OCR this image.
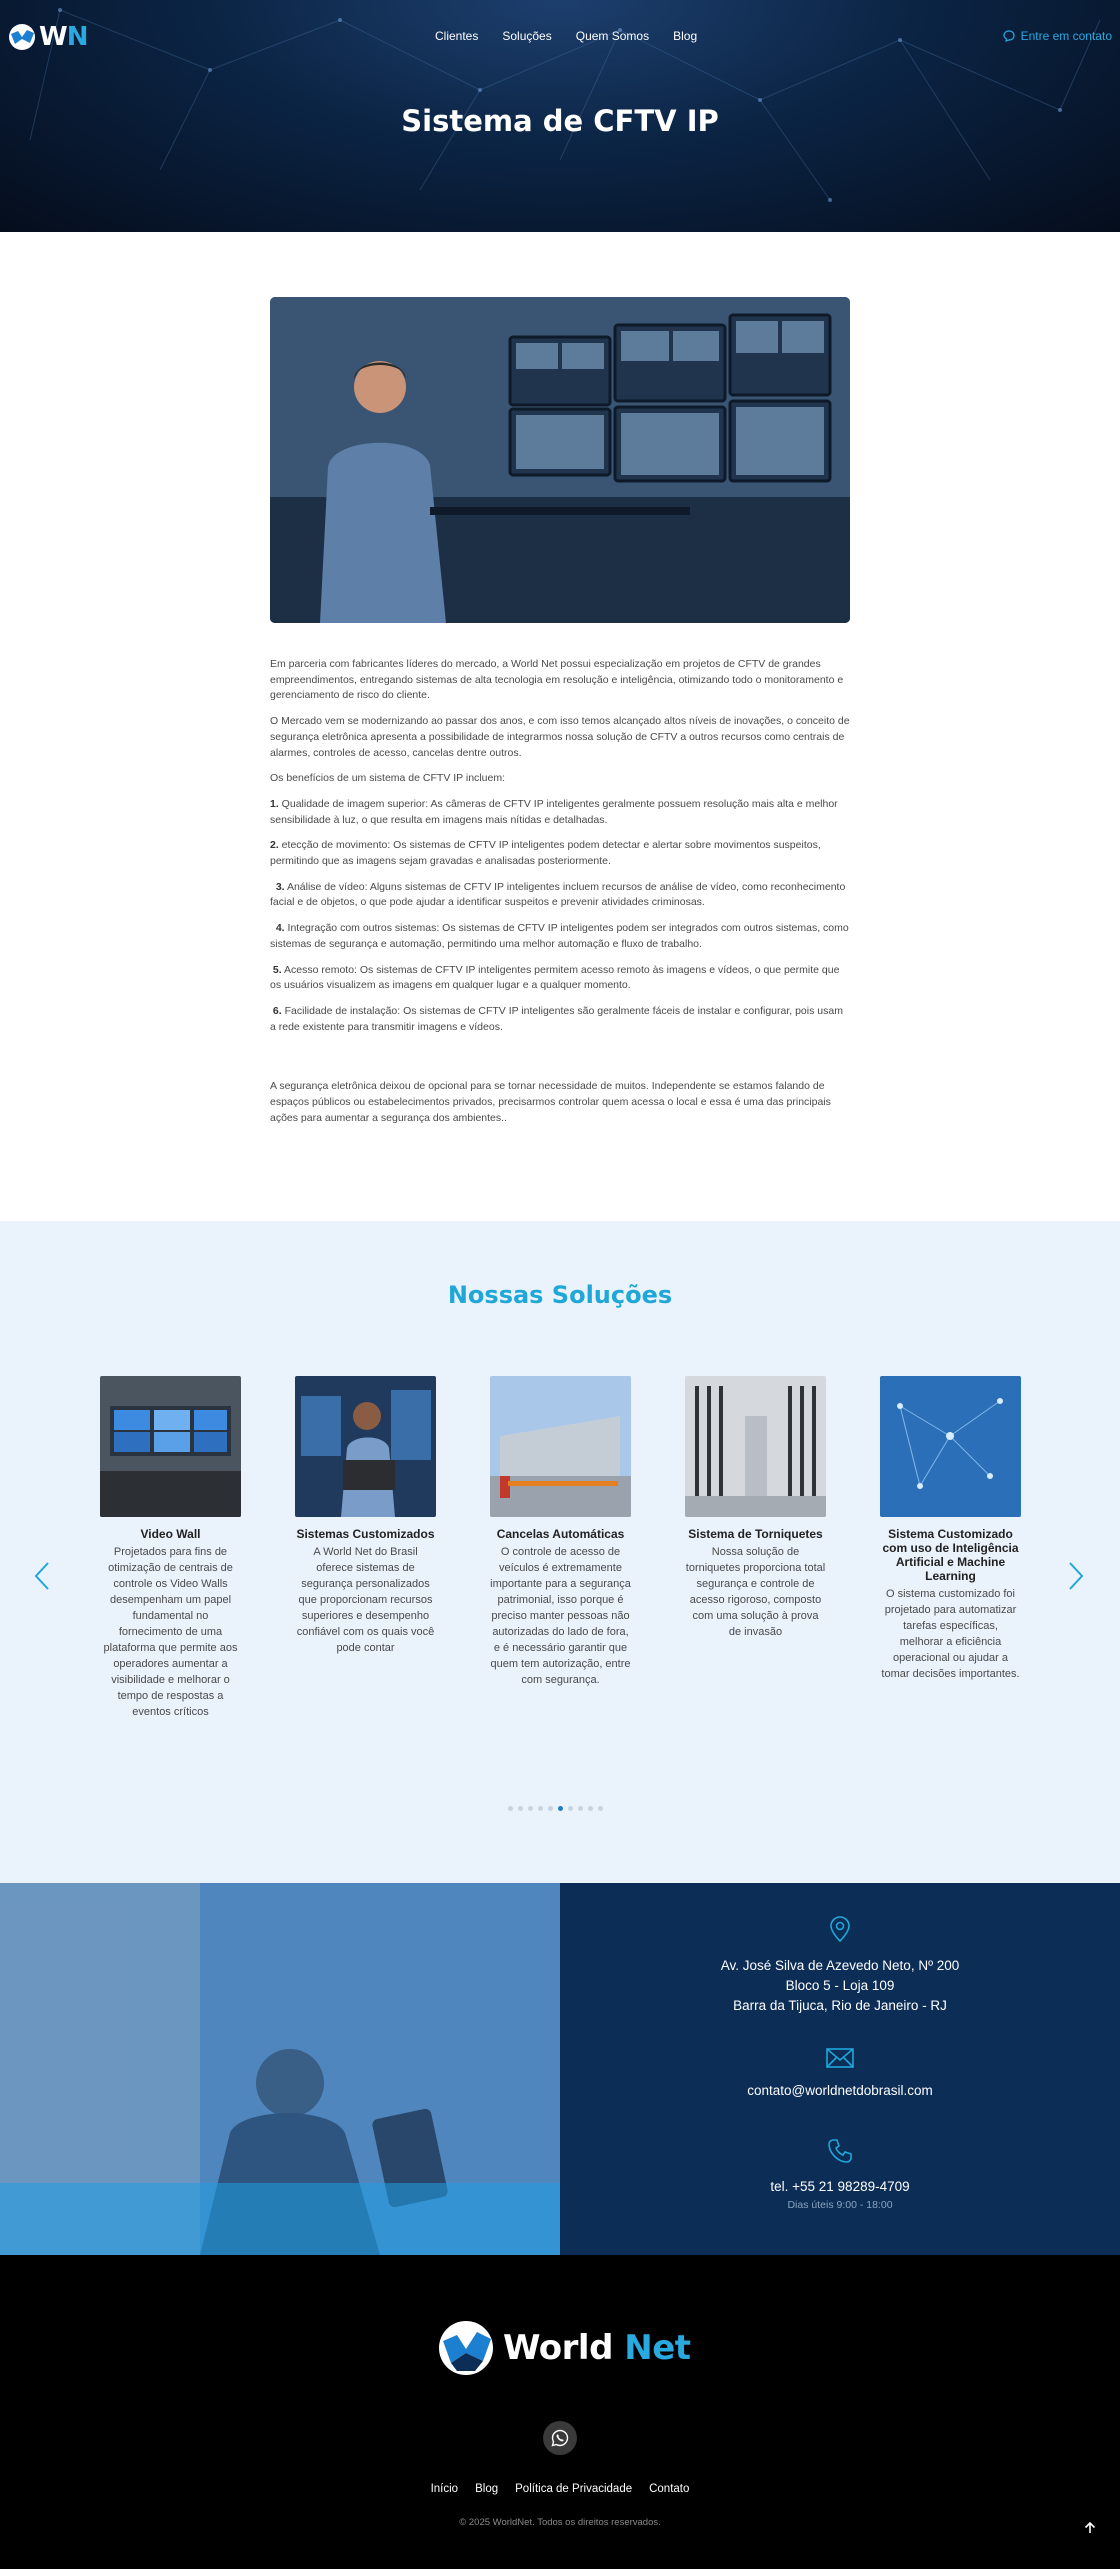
WN	Clientes Soluções Quem Somos Blog	Entre em contato
Sistema de CFTV IP

Em parceria com fabricantes líderes do mercado, a World Net possui especialização em projetos de CFTV de grandes empreendimentos, entregando sistemas de alta tecnologia em resolução e inteligência, otimizando todo o monitoramento e gerenciamento de risco do cliente.

O Mercado vem se modernizando ao passar dos anos, e com isso temos alcançado altos níveis de inovações, o conceito de segurança eletrônica apresenta a possibilidade de integrarmos nossa solução de CFTV a outros recursos como centrais de alarmes, controles de acesso, cancelas dentre outros.

Os benefícios de um sistema de CFTV IP incluem:

1. Qualidade de imagem superior: As câmeras de CFTV IP inteligentes geralmente possuem resolução mais alta e melhor sensibilidade à luz, o que resulta em imagens mais nítidas e detalhadas.

2. etecção de movimento: Os sistemas de CFTV IP inteligentes podem detectar e alertar sobre movimentos suspeitos, permitindo que as imagens sejam gravadas e analisadas posteriormente.

3. Análise de vídeo: Alguns sistemas de CFTV IP inteligentes incluem recursos de análise de vídeo, como reconhecimento facial e de objetos, o que pode ajudar a identificar suspeitos e prevenir atividades criminosas.

4. Integração com outros sistemas: Os sistemas de CFTV IP inteligentes podem ser integrados com outros sistemas, como sistemas de segurança e automação, permitindo uma melhor automação e fluxo de trabalho.

5. Acesso remoto: Os sistemas de CFTV IP inteligentes permitem acesso remoto às imagens e vídeos, o que permite que os usuários visualizem as imagens em qualquer lugar e a qualquer momento.

6. Facilidade de instalação: Os sistemas de CFTV IP inteligentes são geralmente fáceis de instalar e configurar, pois usam a rede existente para transmitir imagens e vídeos.

A segurança eletrônica deixou de opcional para se tornar necessidade de muitos. Independente se estamos falando de espaços públicos ou estabelecimentos privados, precisarmos controlar quem acessa o local e essa é uma das principais ações para aumentar a segurança dos ambientes..

Nossas Soluções
Video Wall
Projetados para fins de otimização de centrais de controle os Video Walls desempenham um papel fundamental no fornecimento de uma plataforma que permite aos operadores aumentar a visibilidade e melhorar o tempo de respostas a eventos críticos
Sistemas Customizados
A World Net do Brasil oferece sistemas de segurança personalizados que proporcionam recursos superiores e desempenho confiável com os quais você pode contar
Cancelas Automáticas
O controle de acesso de veículos é extremamente importante para a segurança patrimonial, isso porque é preciso manter pessoas não autorizadas do lado de fora, e é necessário garantir que quem tem autorização, entre com segurança.
Sistema de Torniquetes
Nossa solução de torniquetes proporciona total segurança e controle de acesso rigoroso, composto com uma solução à prova de invasão
Sistema Customizado com uso de Inteligência Artificial e Machine Learning
O sistema customizado foi projetado para automatizar tarefas específicas, melhorar a eficiência operacional ou ajudar a tomar decisões importantes.
Av. José Silva de Azevedo Neto, Nº 200
Bloco 5 - Loja 109
Barra da Tijuca, Rio de Janeiro - RJ
contato@worldnetdobrasil.com
tel. +55 21 98289-4709
Dias úteis 9:00 - 18:00
World Net
Início Blog Política de Privacidade Contato
© 2025 WorldNet. Todos os direitos reservados.
